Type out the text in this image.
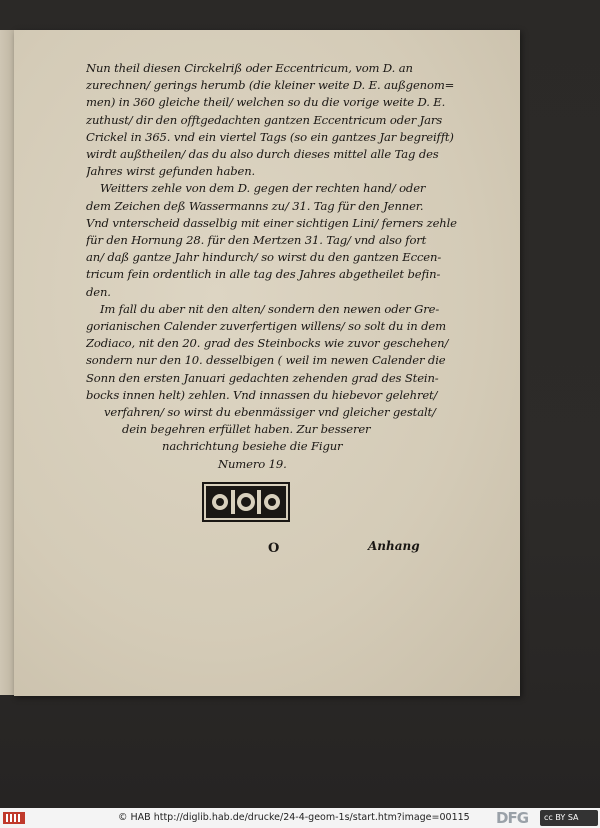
Nun theil diesen Circkelriß oder Eccentricum, vom D. an
zurechnen/ gerings herumb (die kleiner weite D. E. außgenom=
men) in 360 gleiche theil/ welchen so du die vorige weite D. E.
zuthust/ dir den offtgedachten gantzen Eccentricum oder Jars
Crickel in 365. vnd ein viertel Tags (so ein gantzes Jar begreifft)
wirdt außtheilen/ das du also durch dieses mittel alle Tag des
Jahres wirst gefunden haben.

Weitters zehle von dem D. gegen der rechten hand/ oder
dem Zeichen deß Wassermanns zu/ 31. Tag für den Jenner.
Vnd vnterscheid dasselbig mit einer sichtigen Lini/ ferners zehle
für den Hornung 28. für den Mertzen 31. Tag/ vnd also fort
an/ daß gantze Jahr hindurch/ so wirst du den gantzen Eccen-
tricum fein ordentlich in alle tag des Jahres abgetheilet befin-
den.

Im fall du aber nit den alten/ sondern den newen oder Gre-
gorianischen Calender zuverfertigen willens/ so solt du in dem
Zodiaco, nit den 20. grad des Steinbocks wie zuvor geschehen/
sondern nur den 10. desselbigen ( weil im newen Calender die
Sonn den ersten Januari gedachten zehenden grad des Stein-
bocks innen helt) zehlen. Vnd innassen du hiebevor gelehret/
verfahren/ so wirst du ebenmässiger vnd gleicher gestalt/
dein begehren erfüllet haben. Zur besserer
nachrichtung besiehe die Figur
Numero 19.

O	Anhang
© HAB http://diglib.hab.de/drucke/24-4-geom-1s/start.htm?image=00115 DFG cc BY SA
